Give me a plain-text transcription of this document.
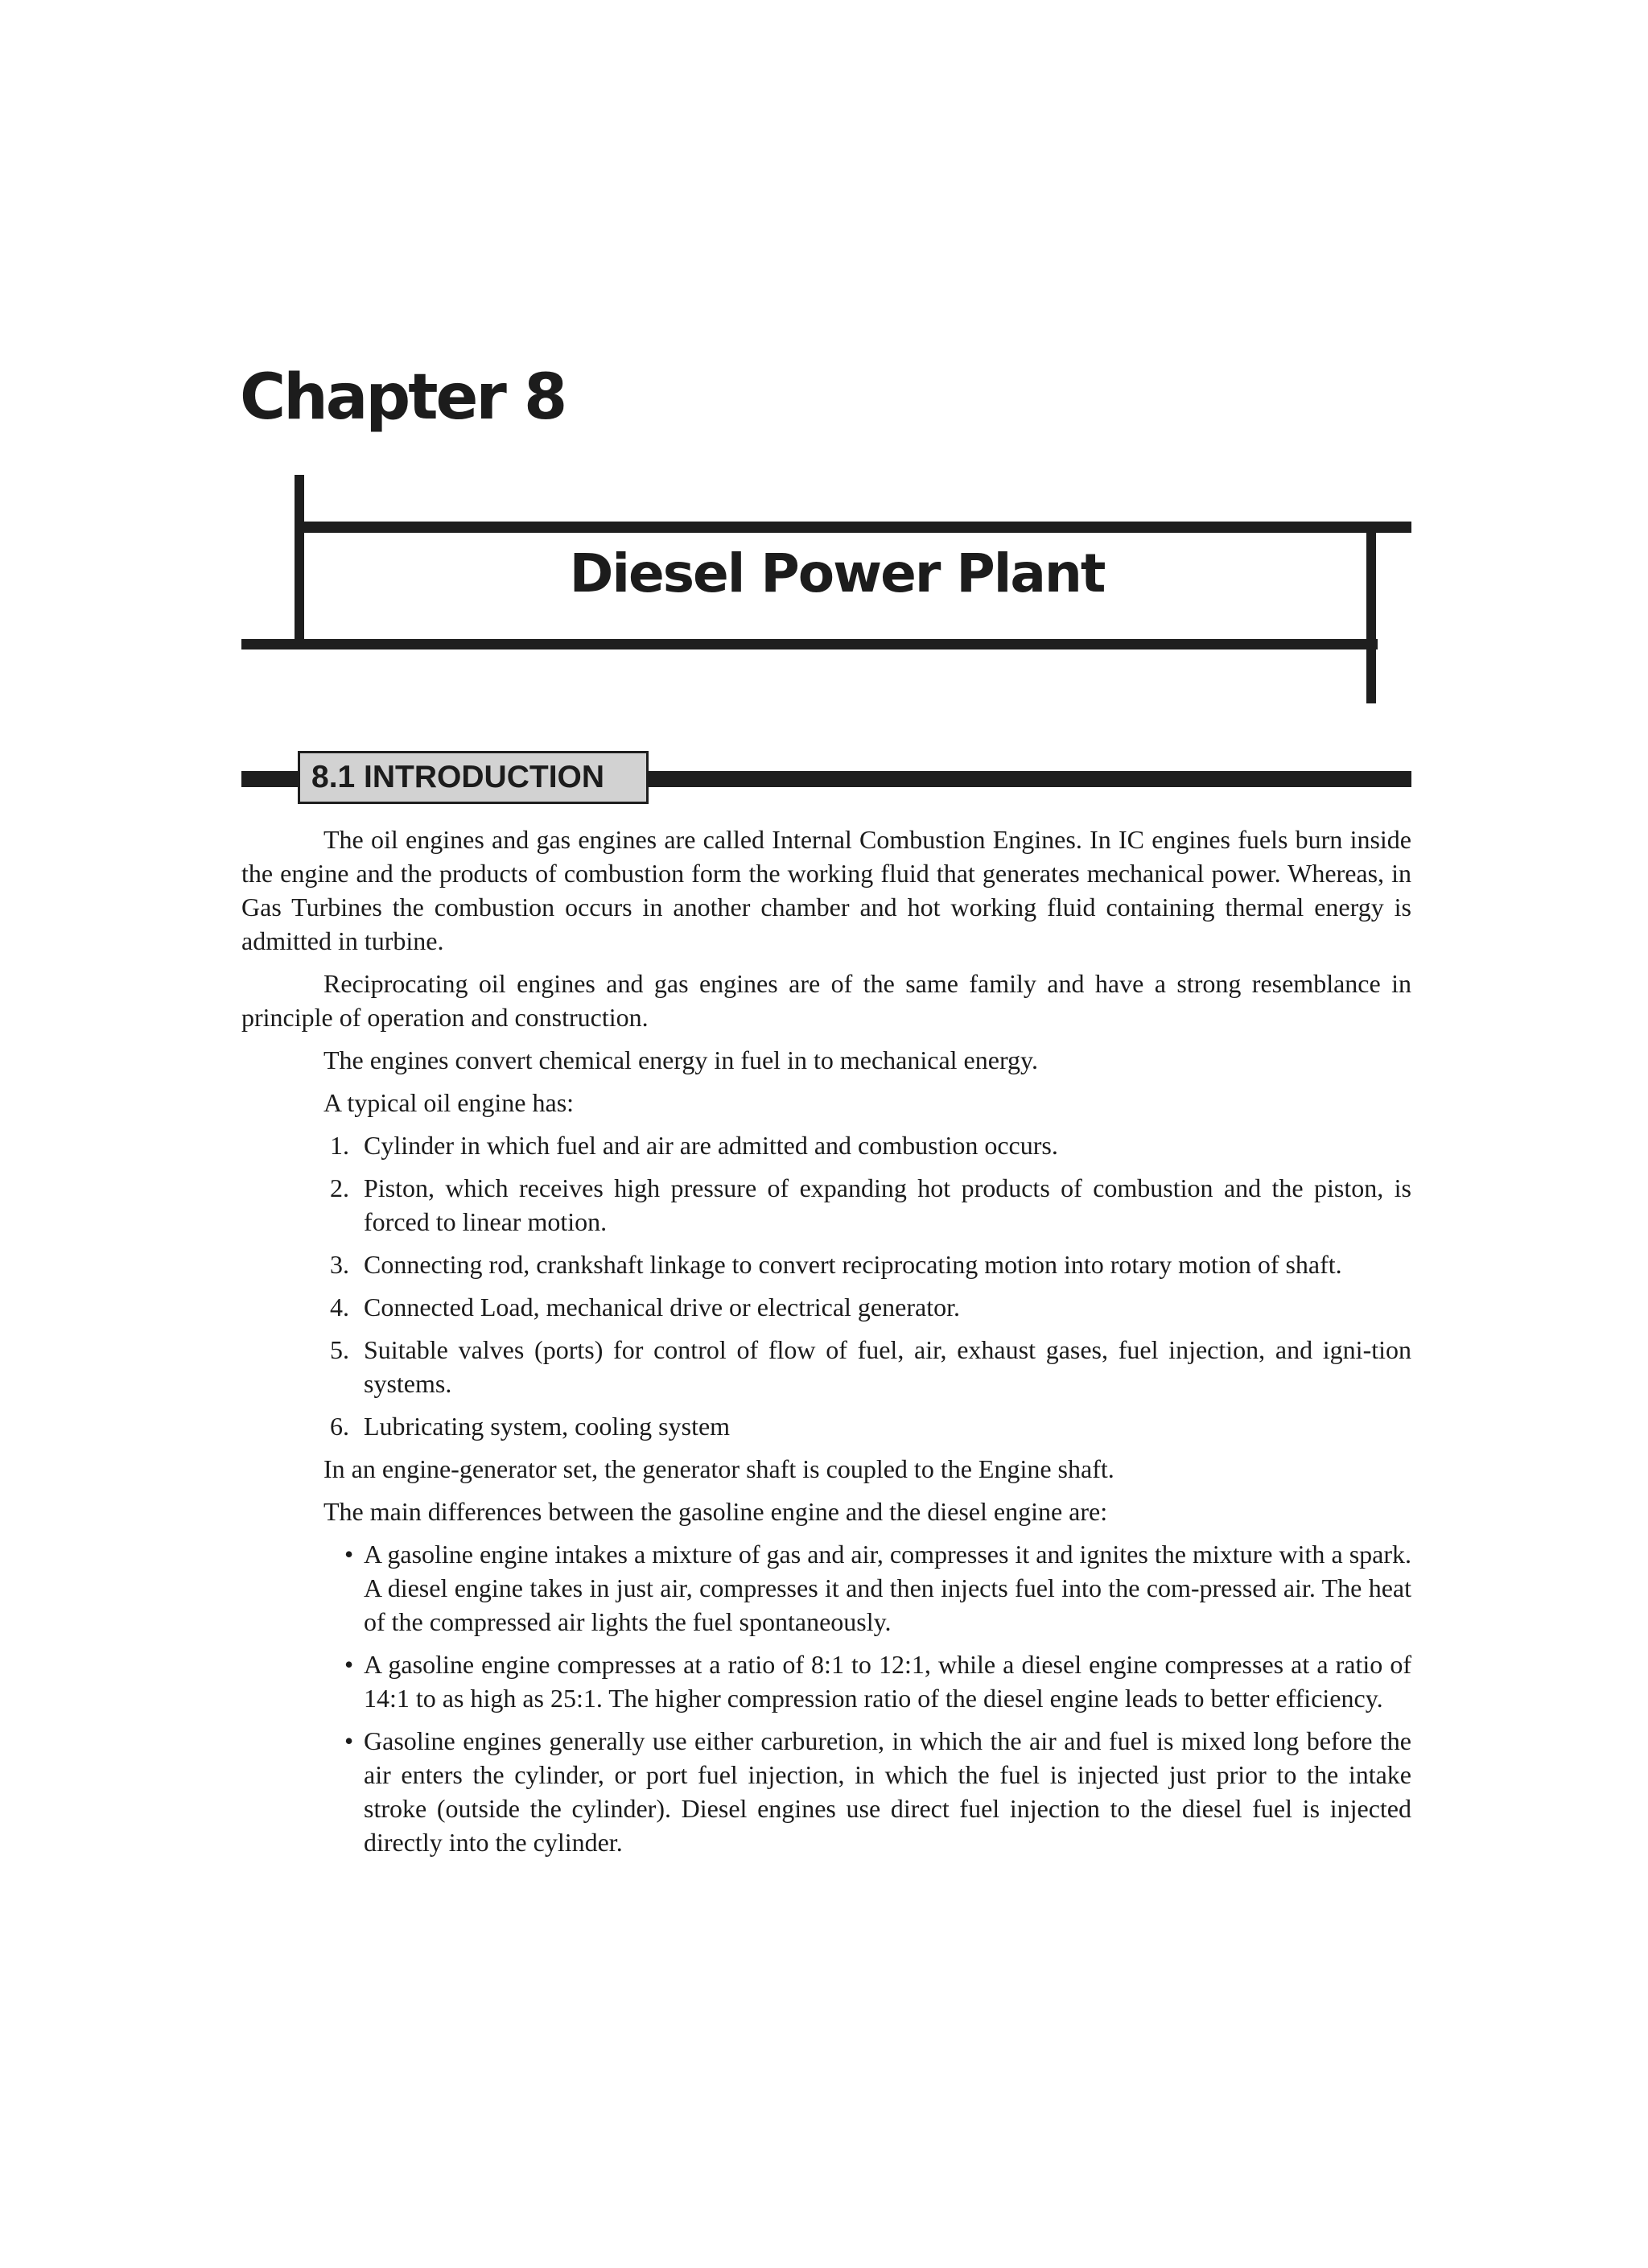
Chapter 8
Diesel Power Plant
8.1 INTRODUCTION

The oil engines and gas engines are called Internal Combustion Engines. In IC engines fuels burn inside the engine and the products of combustion form the working fluid that generates mechanical power. Whereas, in Gas Turbines the combustion occurs in another chamber and hot working fluid containing thermal energy is admitted in turbine.

Reciprocating oil engines and gas engines are of the same family and have a strong resemblance in principle of operation and construction.

The engines convert chemical energy in fuel in to mechanical energy.

A typical oil engine has:

1. Cylinder in which fuel and air are admitted and combustion occurs.
2. Piston, which receives high pressure of expanding hot products of combustion and the piston, is forced to linear motion.
3. Connecting rod, crankshaft linkage to convert reciprocating motion into rotary motion of shaft.
4. Connected Load, mechanical drive or electrical generator.
5. Suitable valves (ports) for control of flow of fuel, air, exhaust gases, fuel injection, and igni-tion systems.
6. Lubricating system, cooling system

In an engine-generator set, the generator shaft is coupled to the Engine shaft.

The main differences between the gasoline engine and the diesel engine are:

• A gasoline engine intakes a mixture of gas and air, compresses it and ignites the mixture with a spark. A diesel engine takes in just air, compresses it and then injects fuel into the com-pressed air. The heat of the compressed air lights the fuel spontaneously.
• A gasoline engine compresses at a ratio of 8:1 to 12:1, while a diesel engine compresses at a ratio of 14:1 to as high as 25:1. The higher compression ratio of the diesel engine leads to better efficiency.
• Gasoline engines generally use either carburetion, in which the air and fuel is mixed long before the air enters the cylinder, or port fuel injection, in which the fuel is injected just prior to the intake stroke (outside the cylinder). Diesel engines use direct fuel injection to the diesel fuel is injected directly into the cylinder.
